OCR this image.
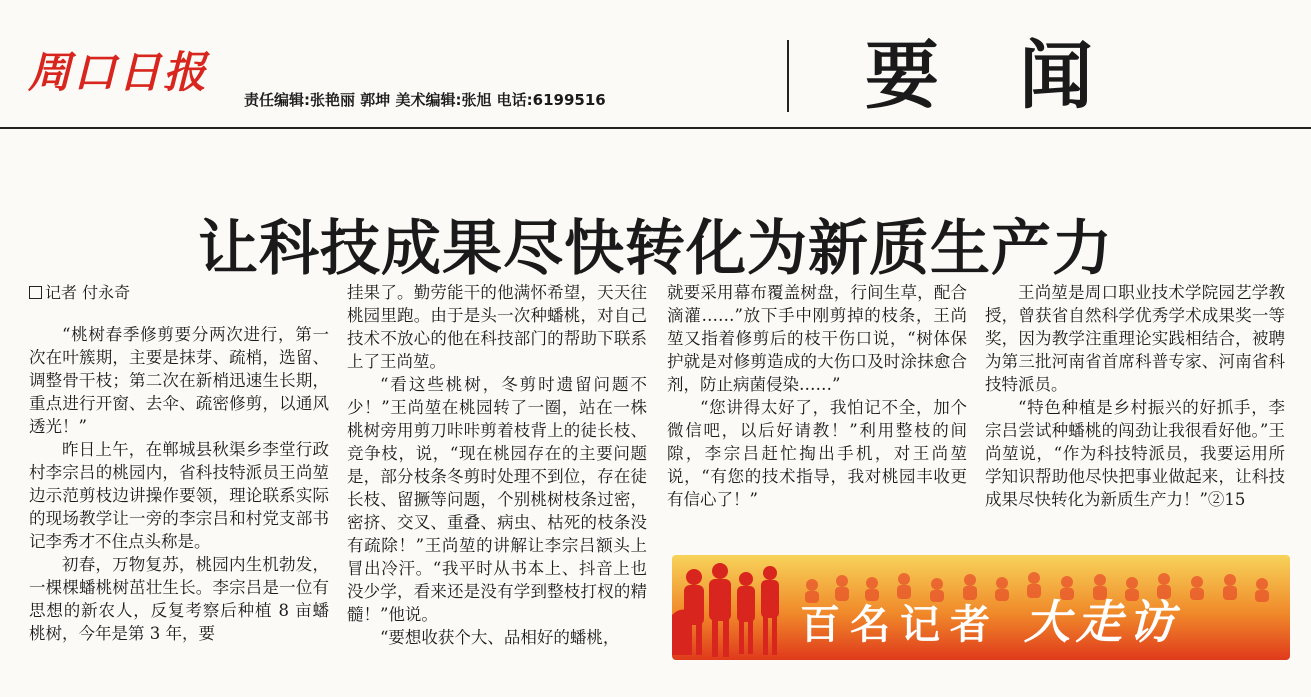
周口日报
责任编辑:张艳丽 郭坤 美术编辑:张旭 电话:6199516	要闻
让科技成果尽快转化为新质生产力
记者 付永奇

“桃树春季修剪要分两次进行，第一次在叶簇期，主要是抹芽、疏梢，选留、调整骨干枝；第二次在新梢迅速生长期，重点进行开窗、去伞、疏密修剪，以通风透光！”

昨日上午，在郸城县秋渠乡李堂行政村李宗吕的桃园内，省科技特派员王尚堃边示范剪枝边讲操作要领，理论联系实际的现场教学让一旁的李宗吕和村党支部书记李秀才不住点头称是。

初春，万物复苏，桃园内生机勃发，一棵棵蟠桃树茁壮生长。李宗吕是一位有思想的新农人，反复考察后种植 8 亩蟠桃树，今年是第 3 年，要

挂果了。勤劳能干的他满怀希望，天天往桃园里跑。由于是头一次种蟠桃，对自己技术不放心的他在科技部门的帮助下联系上了王尚堃。

“看这些桃树，冬剪时遗留问题不少！”王尚堃在桃园转了一圈，站在一株桃树旁用剪刀咔咔剪着枝背上的徒长枝、竞争枝，说，“现在桃园存在的主要问题是，部分枝条冬剪时处理不到位，存在徒长枝、留撅等问题，个别桃树枝条过密，密挤、交叉、重叠、病虫、枯死的枝条没有疏除！”王尚堃的讲解让李宗吕额头上冒出冷汗。“我平时从书本上、抖音上也没少学，看来还是没有学到整枝打杈的精髓！”他说。

“要想收获个大、品相好的蟠桃，

就要采用幕布覆盖树盘，行间生草，配合滴灌……”放下手中刚剪掉的枝条，王尚堃又指着修剪后的枝干伤口说，“树体保护就是对修剪造成的大伤口及时涂抹愈合剂，防止病菌侵染……”

“您讲得太好了，我怕记不全，加个微信吧，以后好请教！”利用整枝的间隙，李宗吕赶忙掏出手机，对王尚堃说，“有您的技术指导，我对桃园丰收更有信心了！”

王尚堃是周口职业技术学院园艺学教授，曾获省自然科学优秀学术成果奖一等奖，因为教学注重理论实践相结合，被聘为第三批河南省首席科普专家、河南省科技特派员。

“特色种植是乡村振兴的好抓手，李宗吕尝试种蟠桃的闯劲让我很看好他。”王尚堃说，“作为科技特派员，我要运用所学知识帮助他尽快把事业做起来，让科技成果尽快转化为新质生产力！”②15

百名记者 大走访
